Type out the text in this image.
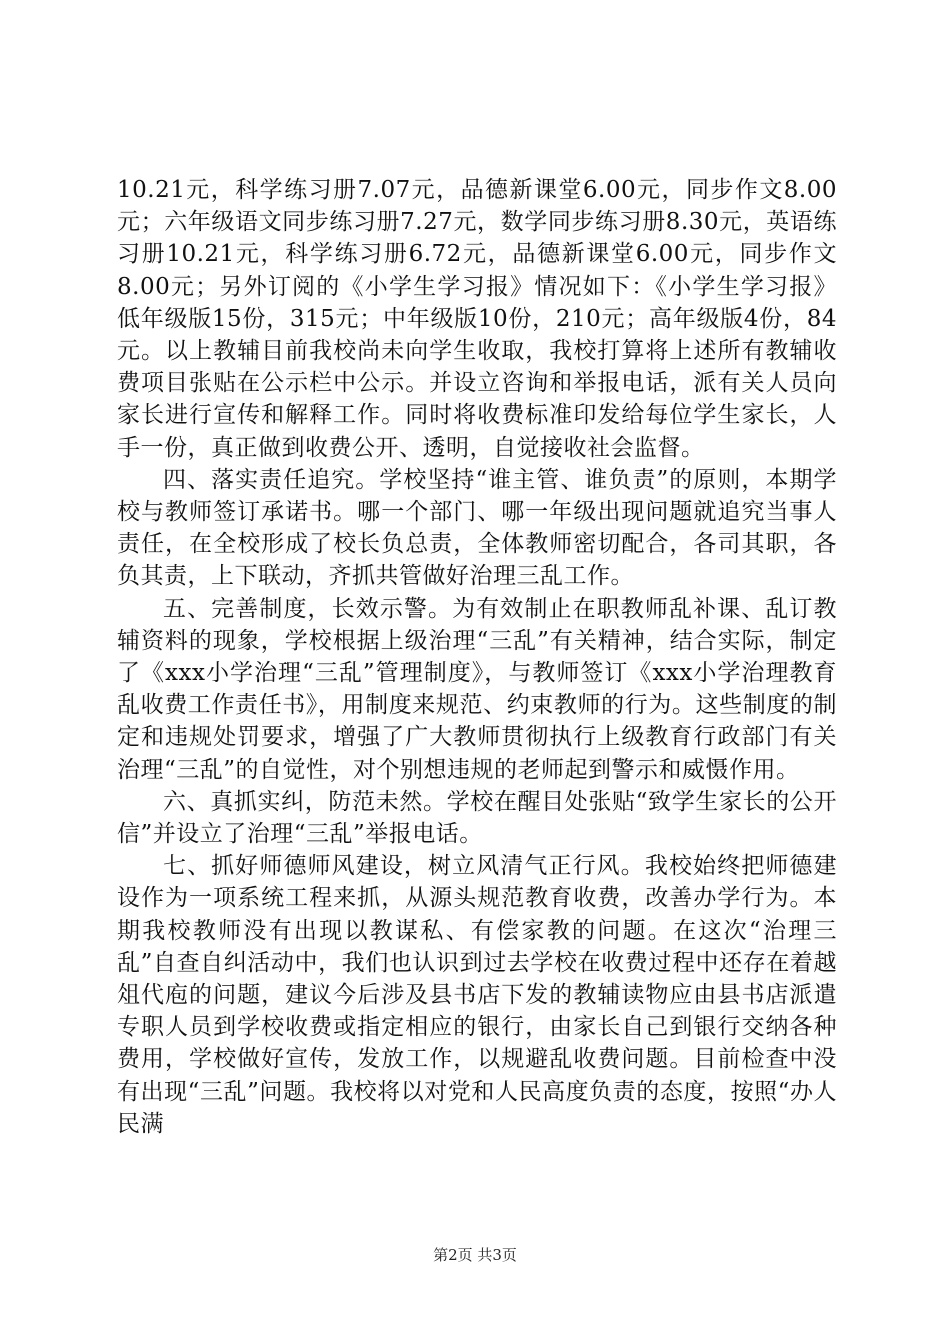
10.21元，科学练习册7.07元，品德新课堂6.00元，同步作文8.00元；六年级语文同步练习册7.27元，数学同步练习册8.30元，英语练习册10.21元，科学练习册6.72元，品德新课堂6.00元，同步作文8.00元；另外订阅的《小学生学习报》情况如下：《小学生学习报》低年级版15份，315元；中年级版10份，210元；高年级版4份，84元。以上教辅目前我校尚未向学生收取，我校打算将上述所有教辅收费项目张贴在公示栏中公示。并设立咨询和举报电话，派有关人员向家长进行宣传和解释工作。同时将收费标准印发给每位学生家长，人手一份，真正做到收费公开、透明，自觉接收社会监督。

四、落实责任追究。学校坚持“谁主管、谁负责”的原则，本期学校与教师签订承诺书。哪一个部门、哪一年级出现问题就追究当事人责任，在全校形成了校长负总责，全体教师密切配合，各司其职，各负其责，上下联动，齐抓共管做好治理三乱工作。

五、完善制度，长效示警。为有效制止在职教师乱补课、乱订教辅资料的现象，学校根据上级治理“三乱”有关精神，结合实际，制定了《xxx小学治理“三乱”管理制度》，与教师签订《xxx小学治理教育乱收费工作责任书》，用制度来规范、约束教师的行为。这些制度的制定和违规处罚要求，增强了广大教师贯彻执行上级教育行政部门有关治理“三乱”的自觉性，对个别想违规的老师起到警示和威慑作用。

六、真抓实纠，防范未然。学校在醒目处张贴“致学生家长的公开信”并设立了治理“三乱”举报电话。

七、抓好师德师风建设，树立风清气正行风。我校始终把师德建设作为一项系统工程来抓，从源头规范教育收费，改善办学行为。本期我校教师没有出现以教谋私、有偿家教的问题。在这次“治理三乱”自查自纠活动中，我们也认识到过去学校在收费过程中还存在着越俎代庖的问题，建议今后涉及县书店下发的教辅读物应由县书店派遣专职人员到学校收费或指定相应的银行，由家长自己到银行交纳各种费用，学校做好宣传，发放工作，以规避乱收费问题。目前检查中没有出现“三乱”问题。我校将以对党和人民高度负责的态度，按照“办人民满

第2页 共3页
